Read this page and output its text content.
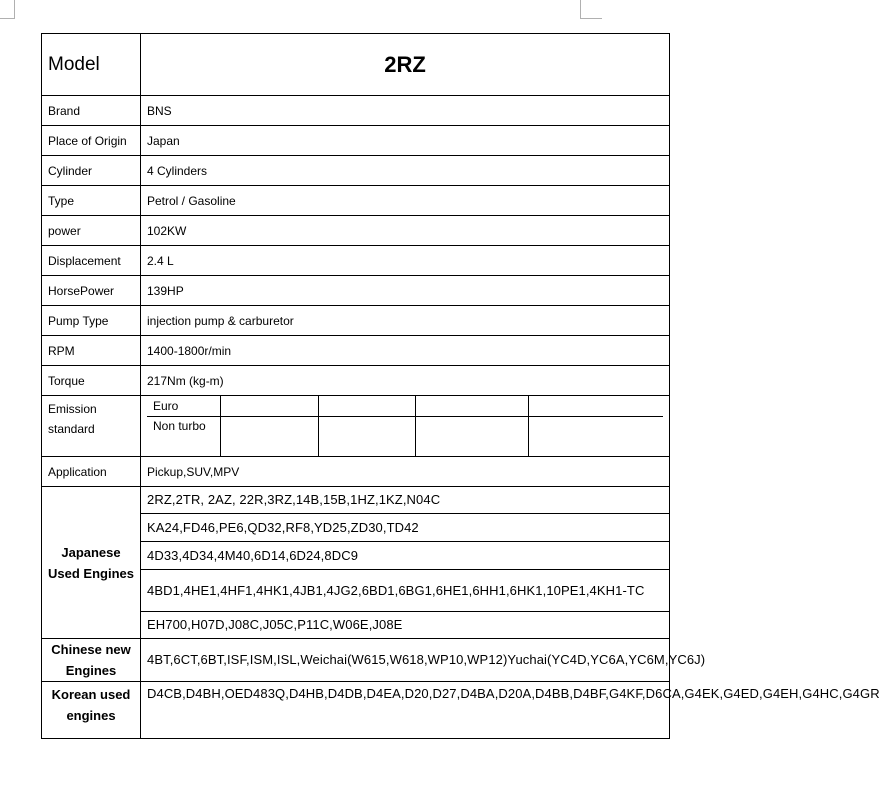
Model	2RZ
Brand	BNS
Place of Origin	Japan
Cylinder	4 Cylinders
Type	Petrol / Gasoline
power	102KW
Displacement	2.4 L
HorsePower	139HP
Pump Type	injection pump & carburetor
RPM	1400-1800r/min
Torque	217Nm (kg-m)
Emission standard	
Euro				
Non turbo				

Application	Pickup,SUV,MPV
Japanese Used Engines	2RZ,2TR, 2AZ, 22R,3RZ,14B,15B,1HZ,1KZ,N04C
KA24,FD46,PE6,QD32,RF8,YD25,ZD30,TD42
4D33,4D34,4M40,6D14,6D24,8DC9
4BD1,4HE1,4HF1,4HK1,4JB1,4JG2,6BD1,6BG1,6HE1,6HH1,6HK1,10PE1,4KH1-TC
EH700,H07D,J08C,J05C,P11C,W06E,J08E
Chinese new Engines	4BT,6CT,6BT,ISF,ISM,ISL,Weichai(W615,W618,WP10,WP12)Yuchai(YC4D,YC6A,YC6M,YC6J)
Korean used engines	D4CB,D4BH,OED483Q,D4HB,D4DB,D4EA,D20,D27,D4BA,D20A,D4BB,D4BF,G4KF,D6CA,G4EK,G4ED,G4EH,G4HC,G4GR
